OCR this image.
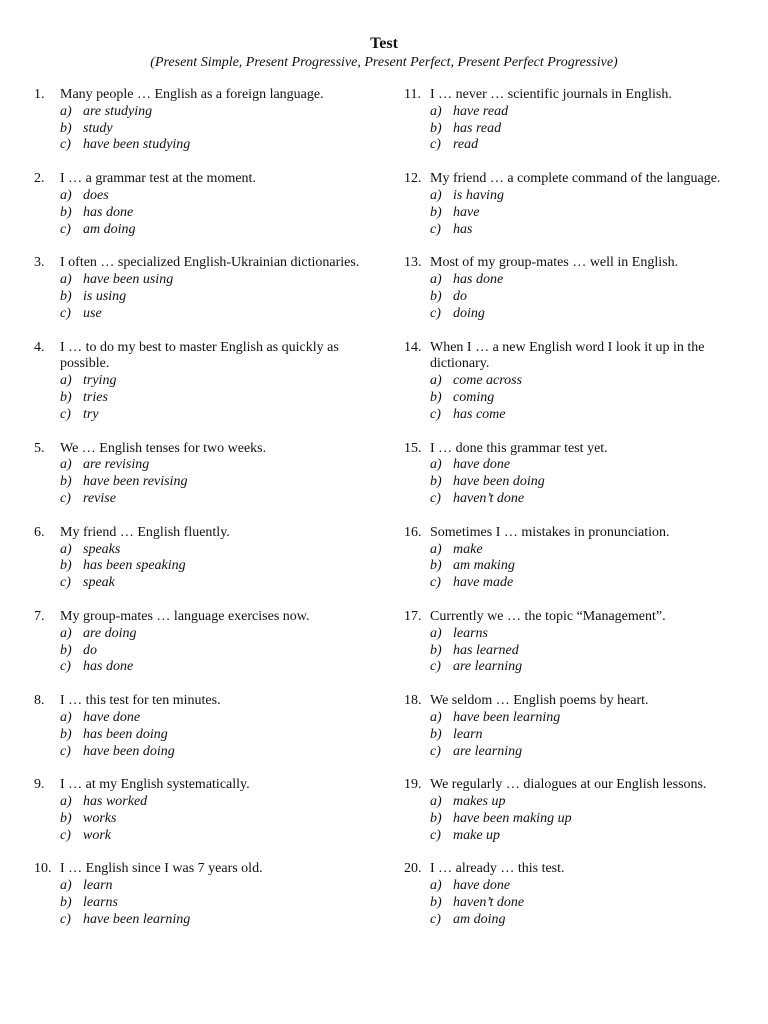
Test
(Present Simple, Present Progressive, Present Perfect, Present Perfect Progressive)
1.	Many people … English as a foreign language.
a) are studying
b) study
c) have been studying
2.	I … a grammar test at the moment.
a) does
b) has done
c) am doing
3.	I often … specialized English-Ukrainian dictionaries.
a) have been using
b) is using
c) use
4.	I … to do my best to master English as quickly as possible.
a) trying
b) tries
c) try
5.	We … English tenses for two weeks.
a) are revising
b) have been revising
c) revise
6.	My friend … English fluently.
a) speaks
b) has been speaking
c) speak
7.	My group-mates … language exercises now.
a) are doing
b) do
c) has done
8.	I … this test for ten minutes.
a) have done
b) has been doing
c) have been doing
9.	I … at my English systematically.
a) has worked
b) works
c) work
10. I … English since I was 7 years old.
a) learn
b) learns
c) have been learning
11. I … never … scientific journals in English.
a) have read
b) has read
c) read
12. My friend … a complete command of the language.
a) is having
b) have
c) has
13. Most of my group-mates … well in English.
a) has done
b) do
c) doing
14. When I … a new English word I look it up in the dictionary.
a) come across
b) coming
c) has come
15. I … done this grammar test yet.
a) have done
b) have been doing
c) haven’t done
16. Sometimes I … mistakes in pronunciation.
a) make
b) am making
c) have made
17. Currently we … the topic “Management”.
a) learns
b) has learned
c) are learning
18. We seldom … English poems by heart.
a) have been learning
b) learn
c) are learning
19. We regularly … dialogues at our English lessons.
a) makes up
b) have been making up
c) make up
20. I … already … this test.
a) have done
b) haven’t done
c) am doing
